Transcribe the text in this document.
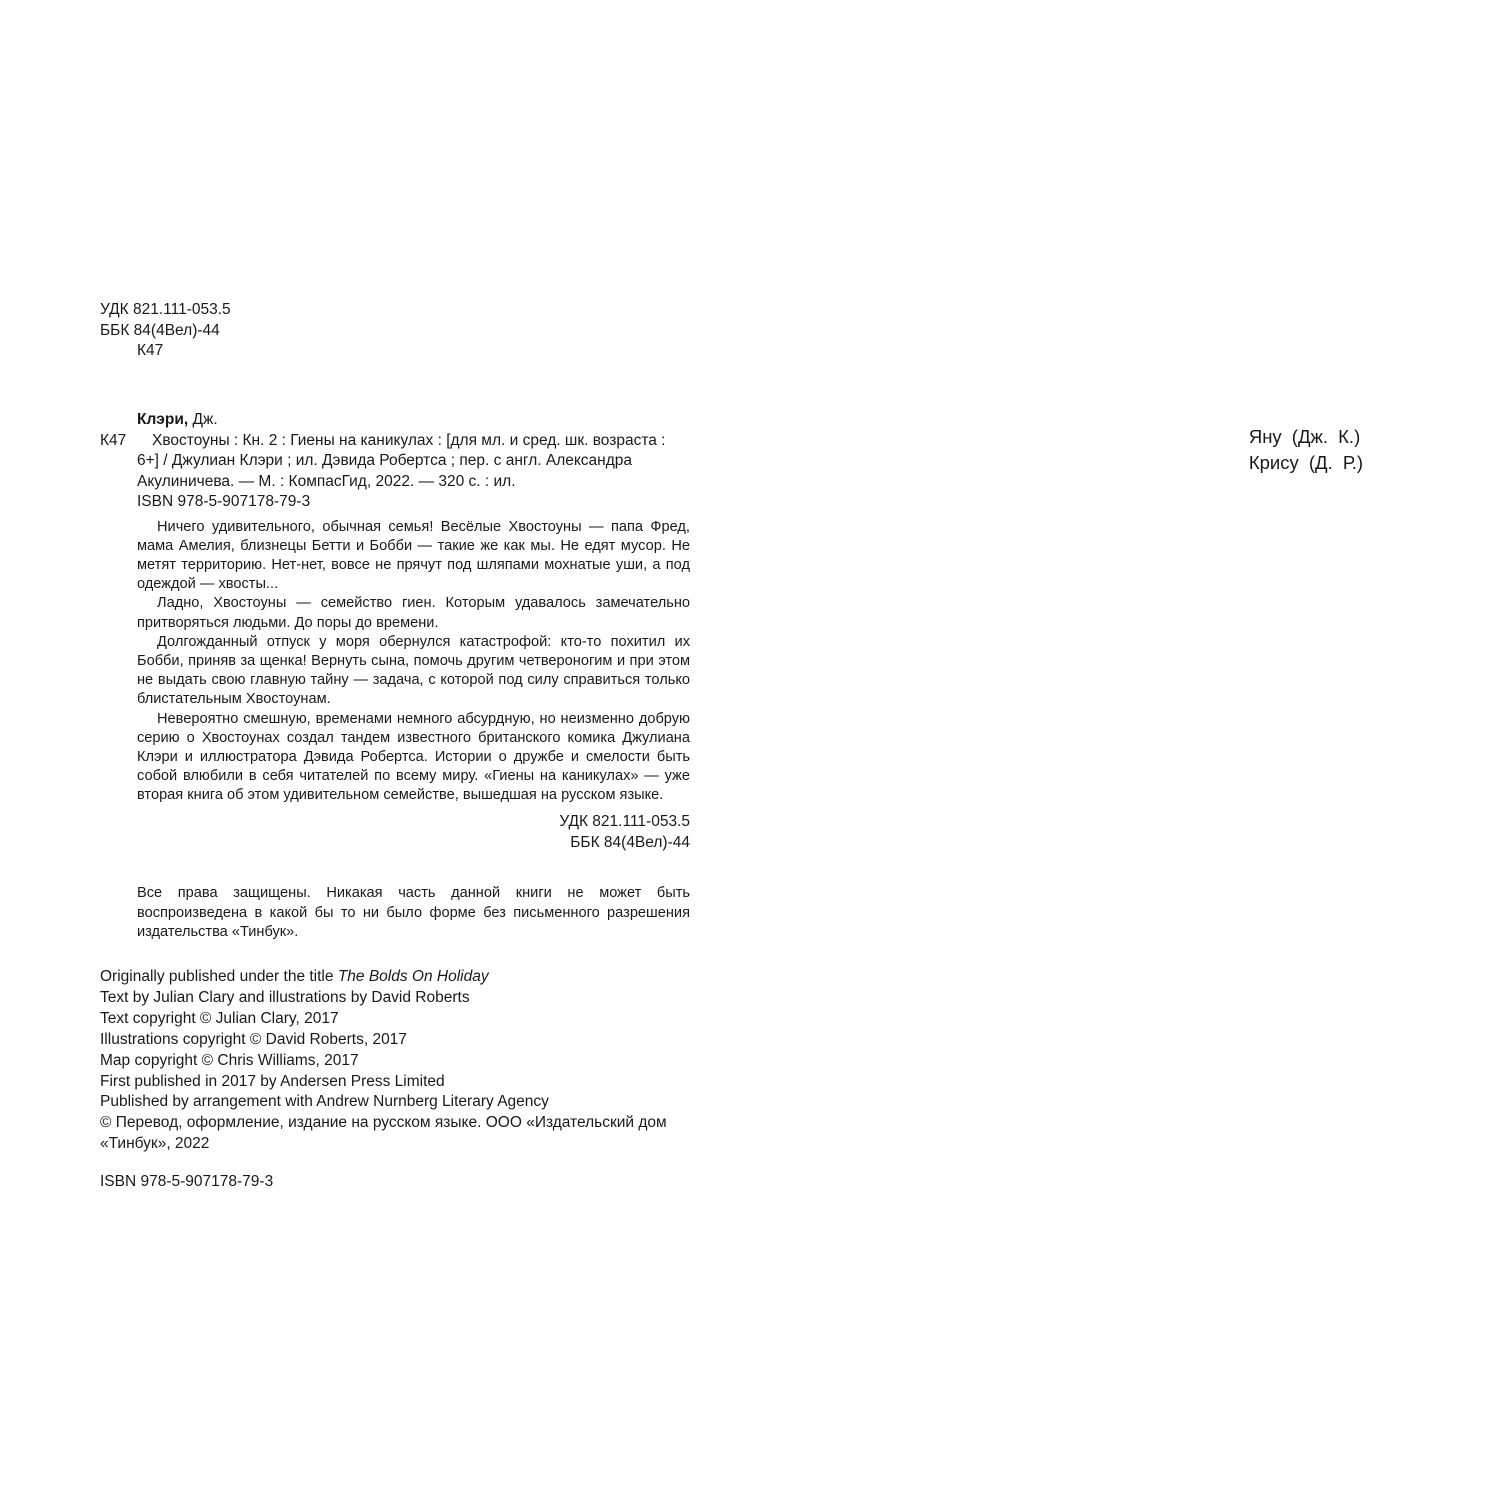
УДК 821.111-053.5
ББК 84(4Вел)-44
К47
Клэри, Дж.
К47	Хвостоуны : Кн. 2 : Гиены на каникулах : [для мл. и сред. шк. возраста :
6+] / Джулиан Клэри ; ил. Дэвида Робертса ; пер. с англ. Александра Акулиничева. — М. : КомпасГид, 2022. — 320 с. : ил.
ISBN 978-5-907178-79-3

Ничего удивительного, обычная семья! Весёлые Хвостоуны — папа Фред, мама Амелия, близнецы Бетти и Бобби — такие же как мы. Не едят мусор. Не метят территорию. Нет-нет, вовсе не прячут под шляпами мохнатые уши, а под одеждой — хвосты...

Ладно, Хвостоуны — семейство гиен. Которым удавалось замечательно притворяться людьми. До поры до времени.

Долгожданный отпуск у моря обернулся катастрофой: кто-то похитил их Бобби, приняв за щенка! Вернуть сына, помочь другим четвероногим и при этом не выдать свою главную тайну — задача, с которой под силу справиться только блистательным Хвостоунам.

Невероятно смешную, временами немного абсурдную, но неизменно добрую серию о Хвостоунах создал тандем известного британского комика Джулиана Клэри и иллюстратора Дэвида Робертса. Истории о дружбе и смелости быть собой влюбили в себя читателей по всему миру. «Гиены на каникулах» — уже вторая книга об этом удивительном семействе, вышедшая на русском языке.

УДК 821.111-053.5
ББК 84(4Вел)-44
Все права защищены. Никакая часть данной книги не может быть воспроизведена в какой бы то ни было форме без письменного разрешения издательства «Тинбук».
Originally published under the title The Bolds On Holiday
Text by Julian Clary and illustrations by David Roberts
Text copyright © Julian Clary, 2017
Illustrations copyright © David Roberts, 2017
Map copyright © Chris Williams, 2017
First published in 2017 by Andersen Press Limited
Published by arrangement with Andrew Nurnberg Literary Agency
© Перевод, оформление, издание на русском языке. ООО «Издательский дом «Тинбук», 2022
ISBN 978-5-907178-79-3
Яну (Дж. К.)
Крису (Д. Р.)
